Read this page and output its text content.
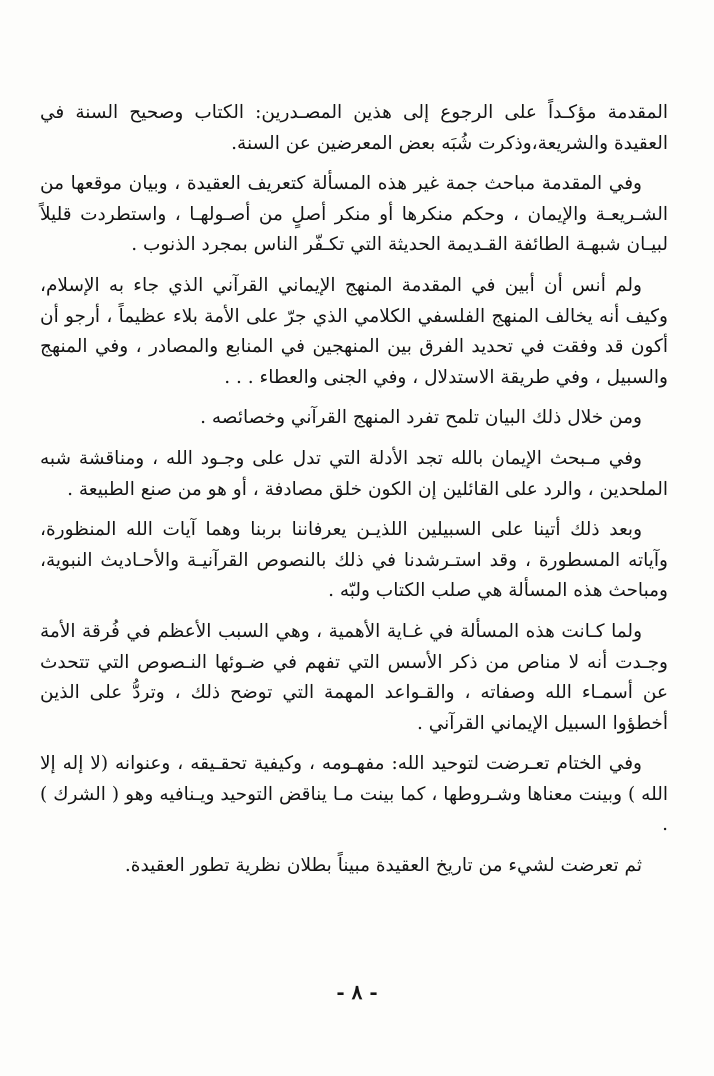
المقدمة مؤكـداً على الرجوع إلى هذين المصـدرين: الكتاب وصحيح السنة في العقيدة والشريعة،وذكرت شُبَه بعض المعرضين عن السنة.

وفي المقدمة مباحث جمة غير هذه المسألة كتعريف العقيدة ، وبيان موقعها من الشـريعـة والإيمان ، وحكم منكرها أو منكر أصلٍ من أصـولهـا ، واستطردت قليلاً لبيـان شبهـة الطائفة القـديمة الحديثة التي تكـفّر الناس بمجرد الذنوب .

ولم أنس أن أبين في المقدمة المنهج الإيماني القرآني الذي جاء به الإسلام، وكيف أنه يخالف المنهج الفلسفي الكلامي الذي جرّ على الأمة بلاء عظيماً ، أرجو أن أكون قد وفقت في تحديد الفرق بين المنهجين في المنابع والمصادر ، وفي المنهج والسبيل ، وفي طريقة الاستدلال ، وفي الجنى والعطاء . . .

ومن خلال ذلك البيان تلمح تفرد المنهج القرآني وخصائصه .

وفي مـبحث الإيمان بالله تجد الأدلة التي تدل على وجـود الله ، ومناقشة شبه الملحدين ، والرد على القائلين إن الكون خلق مصادفة ، أو هو من صنع الطبيعة .

وبعد ذلك أتينا على السبيلين اللذيـن يعرفاننا بربنا وهما آيات الله المنظورة، وآياته المسطورة ، وقد استـرشدنا في ذلك بالنصوص القرآنيـة والأحـاديث النبوية، ومباحث هذه المسألة هي صلب الكتاب ولبّه .

ولما كـانت هذه المسألة في غـاية الأهمية ، وهي السبب الأعظم في فُرقة الأمة وجـدت أنه لا مناص من ذكر الأسس التي تفهم في ضـوئها النـصوص التي تتحدث عن أسمـاء الله وصفاته ، والقـواعد المهمة التي توضح ذلك ، وتردُّ على الذين أخطؤوا السبيل الإيماني القرآني .

وفي الختام تعـرضت لتوحيد الله: مفهـومه ، وكيفية تحقـيقه ، وعنوانه (لا إله إلا الله ) وبينت معناها وشـروطها ، كما بينت مـا يناقض التوحيد ويـنافيه وهو ( الشرك ) .

ثم تعرضت لشيء من تاريخ العقيدة مبيناً بطلان نظرية تطور العقيدة.

- ٨ -
